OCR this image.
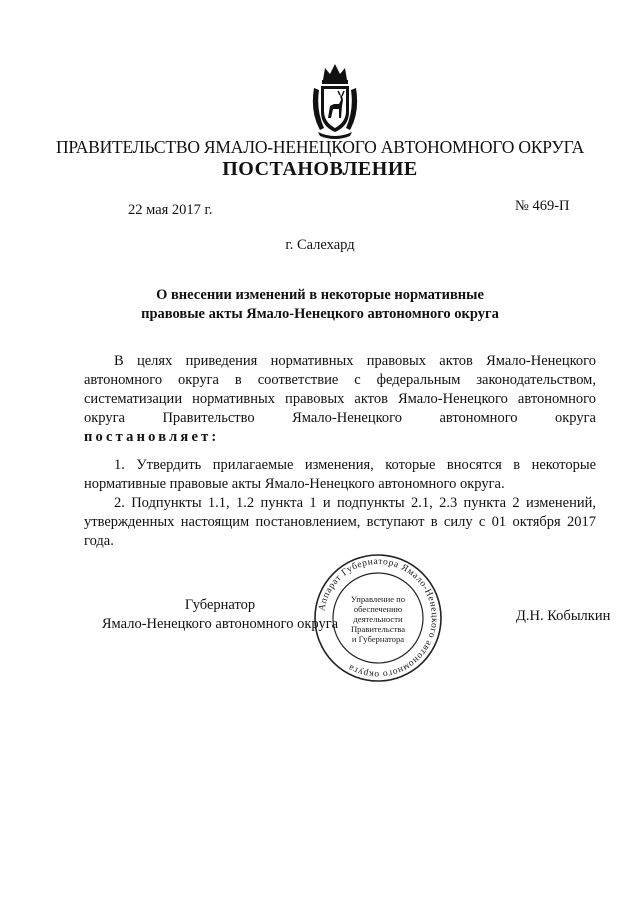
ПРАВИТЕЛЬСТВО ЯМАЛО-НЕНЕЦКОГО АВТОНОМНОГО ОКРУГА
ПОСТАНОВЛЕНИЕ
22 мая 2017 г.	№ 469-П
г. Салехард
О внесении изменений в некоторые нормативные
правовые акты Ямало-Ненецкого автономного округа
В целях приведения нормативных правовых актов Ямало-Ненецкого
автономного округа в соответствие с федеральным законодательством,
систематизации нормативных правовых актов Ямало-Ненецкого автономного
округа Правительство Ямало-Ненецкого автономного округа
постановляет:
1. Утвердить прилагаемые изменения, которые вносятся в некоторые нормативные правовые акты Ямало-Ненецкого автономного округа.
2. Подпункты 1.1, 1.2 пункта 1 и подпункты 2.1, 2.3 пункта 2 изменений, утвержденных настоящим постановлением, вступают в силу с 01 октября 2017 года.
Губернатор
Ямало-Ненецкого автономного округа	Д.Н. Кобылкин
Аппарат Губернатора Ямало-Ненецкого автономного округа
Управление по
обеспечению
деятельности
Правительства
и Губернатора
